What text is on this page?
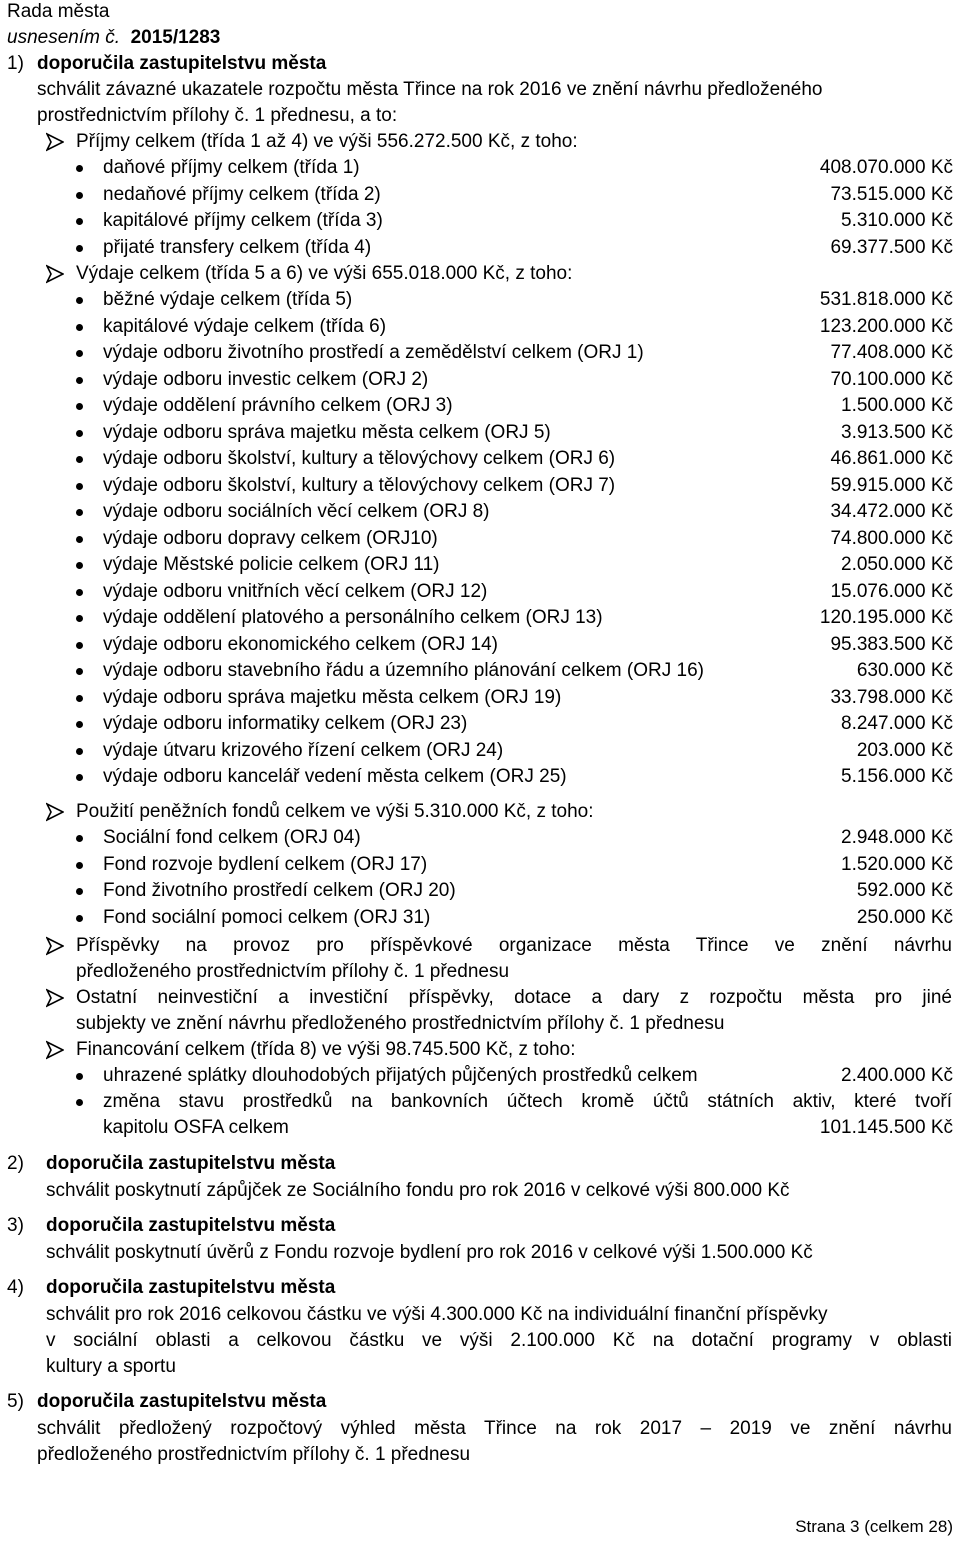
Rada města
usnesením č. 2015/1283
1) doporučila zastupitelstvu města
schválit závazné ukazatele rozpočtu města Třince na rok 2016 ve znění návrhu předloženého
prostřednictvím přílohy č. 1 přednesu, a to:
Příjmy celkem (třída 1 až 4) ve výši 556.272.500 Kč, z toho:
daňové příjmy celkem (třída 1)	408.070.000 Kč
nedaňové příjmy celkem (třída 2)	73.515.000 Kč
kapitálové příjmy celkem (třída 3)	5.310.000 Kč
přijaté transfery celkem (třída 4)	69.377.500 Kč
Výdaje celkem (třída 5 a 6) ve výši 655.018.000 Kč, z toho:
běžné výdaje celkem (třída 5)	531.818.000 Kč
kapitálové výdaje celkem (třída 6)	123.200.000 Kč
výdaje odboru životního prostředí a zemědělství celkem (ORJ 1)	77.408.000 Kč
výdaje odboru investic celkem (ORJ 2)	70.100.000 Kč
výdaje oddělení právního celkem (ORJ 3)	1.500.000 Kč
výdaje odboru správa majetku města celkem (ORJ 5)	3.913.500 Kč
výdaje odboru školství, kultury a tělovýchovy celkem (ORJ 6)	46.861.000 Kč
výdaje odboru školství, kultury a tělovýchovy celkem (ORJ 7)	59.915.000 Kč
výdaje odboru sociálních věcí celkem (ORJ 8)	34.472.000 Kč
výdaje odboru dopravy celkem (ORJ10)	74.800.000 Kč
výdaje Městské policie celkem (ORJ 11)	2.050.000 Kč
výdaje odboru vnitřních věcí celkem (ORJ 12)	15.076.000 Kč
výdaje oddělení platového a personálního celkem (ORJ 13)	120.195.000 Kč
výdaje odboru ekonomického celkem (ORJ 14)	95.383.500 Kč
výdaje odboru stavebního řádu a územního plánování celkem (ORJ 16)	630.000 Kč
výdaje odboru správa majetku města celkem (ORJ 19)	33.798.000 Kč
výdaje odboru informatiky celkem (ORJ 23)	8.247.000 Kč
výdaje útvaru krizového řízení celkem (ORJ 24)	203.000 Kč
výdaje odboru kancelář vedení města celkem (ORJ 25)	5.156.000 Kč
Použití peněžních fondů celkem ve výši 5.310.000 Kč, z toho:
Sociální fond celkem (ORJ 04)	2.948.000 Kč
Fond rozvoje bydlení celkem (ORJ 17)	1.520.000 Kč
Fond životního prostředí celkem (ORJ 20)	592.000 Kč
Fond sociální pomoci celkem (ORJ 31)	250.000 Kč
Příspěvky na provoz pro příspěvkové organizace města Třince ve znění návrhu
předloženého prostřednictvím přílohy č. 1 přednesu
Ostatní neinvestiční a investiční příspěvky, dotace a dary z rozpočtu města pro jiné
subjekty ve znění návrhu předloženého prostřednictvím přílohy č. 1 přednesu
Financování celkem (třída 8) ve výši 98.745.500 Kč, z toho:
uhrazené splátky dlouhodobých přijatých půjčených prostředků celkem	2.400.000 Kč
změna stavu prostředků na bankovních účtech kromě účtů státních aktiv, které tvoří
kapitolu OSFA celkem	101.145.500 Kč
2) doporučila zastupitelstvu města
schválit poskytnutí zápůjček ze Sociálního fondu pro rok 2016 v celkové výši 800.000 Kč
3) doporučila zastupitelstvu města
schválit poskytnutí úvěrů z Fondu rozvoje bydlení pro rok 2016 v celkové výši 1.500.000 Kč
4) doporučila zastupitelstvu města
schválit pro rok 2016 celkovou částku ve výši 4.300.000 Kč na individuální finanční příspěvky
v sociální oblasti a celkovou částku ve výši 2.100.000 Kč na dotační programy v oblasti
kultury a sportu
5) doporučila zastupitelstvu města
schválit předložený rozpočtový výhled města Třince na rok 2017 – 2019 ve znění návrhu
předloženého prostřednictvím přílohy č. 1 přednesu
Strana 3 (celkem 28)
